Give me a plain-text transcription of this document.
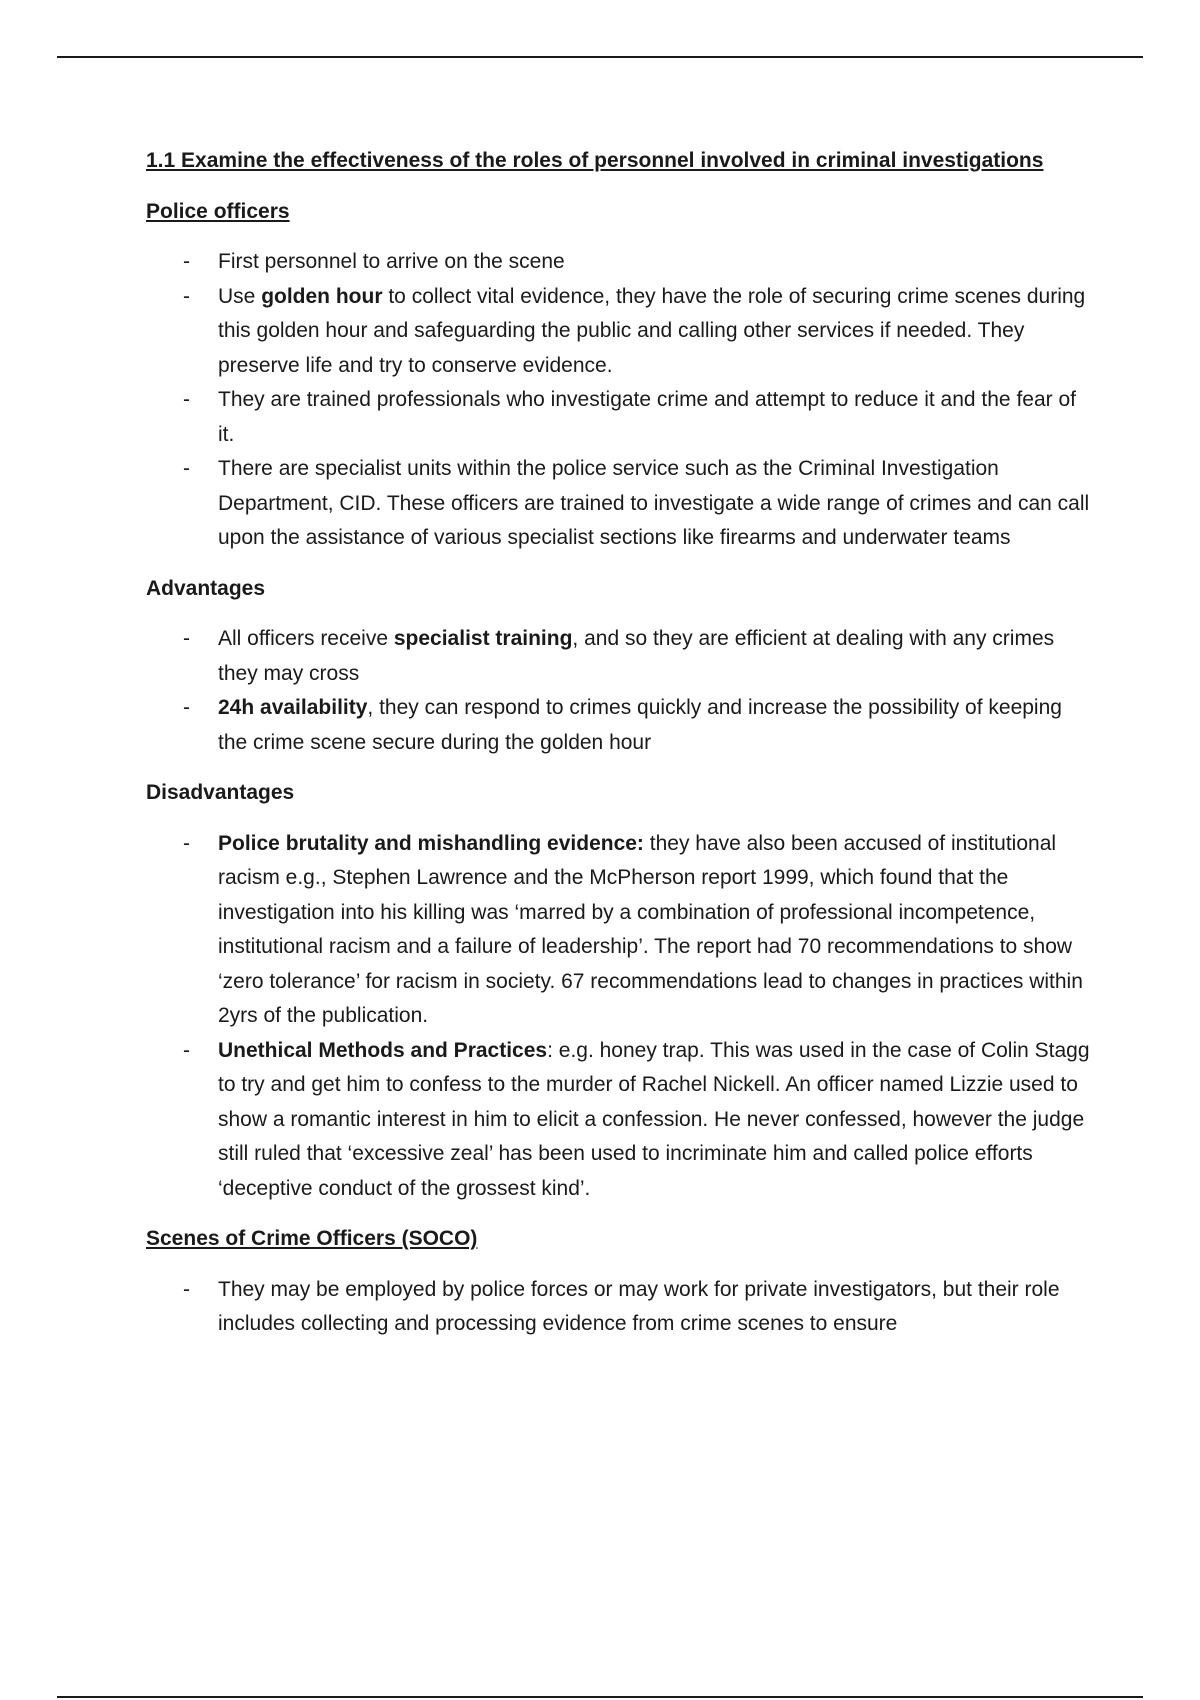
1.1 Examine the effectiveness of the roles of personnel involved in criminal investigations
Police officers
- First personnel to arrive on the scene
- Use golden hour to collect vital evidence, they have the role of securing crime scenes during this golden hour and safeguarding the public and calling other services if needed. They preserve life and try to conserve evidence.
- They are trained professionals who investigate crime and attempt to reduce it and the fear of it.
- There are specialist units within the police service such as the Criminal Investigation Department, CID. These officers are trained to investigate a wide range of crimes and can call upon the assistance of various specialist sections like firearms and underwater teams
Advantages
- All officers receive specialist training, and so they are efficient at dealing with any crimes they may cross
- 24h availability, they can respond to crimes quickly and increase the possibility of keeping the crime scene secure during the golden hour
Disadvantages
- Police brutality and mishandling evidence: they have also been accused of institutional racism e.g., Stephen Lawrence and the McPherson report 1999, which found that the investigation into his killing was ‘marred by a combination of professional incompetence, institutional racism and a failure of leadership’. The report had 70 recommendations to show ‘zero tolerance’ for racism in society. 67 recommendations lead to changes in practices within 2yrs of the publication.
- Unethical Methods and Practices: e.g. honey trap. This was used in the case of Colin Stagg to try and get him to confess to the murder of Rachel Nickell. An officer named Lizzie used to show a romantic interest in him to elicit a confession. He never confessed, however the judge still ruled that ‘excessive zeal’ has been used to incriminate him and called police efforts ‘deceptive conduct of the grossest kind’.
Scenes of Crime Officers (SOCO)
- They may be employed by police forces or may work for private investigators, but their role includes collecting and processing evidence from crime scenes to ensure
